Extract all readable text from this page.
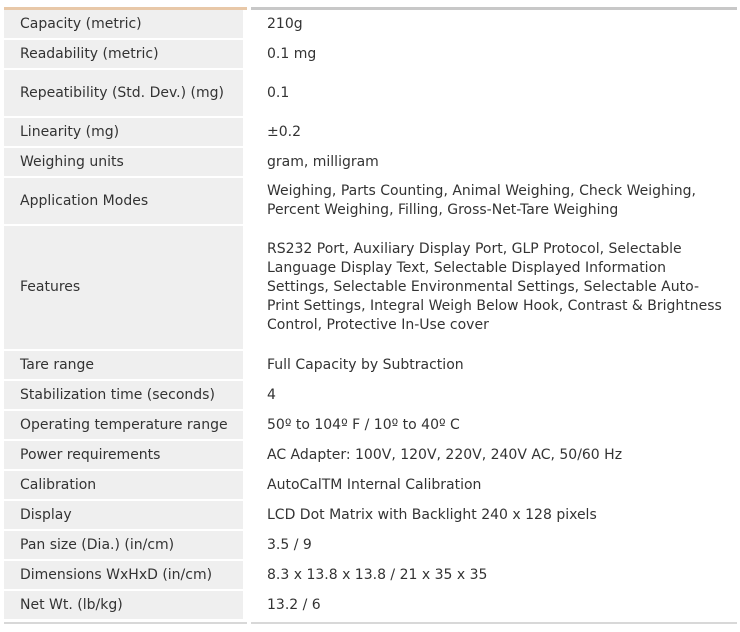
Capacity (metric)	210g
Readability (metric)	0.1 mg
Repeatibility (Std. Dev.) (mg)	0.1
Linearity (mg)	±0.2
Weighing units	gram, milligram
Application Modes	Weighing, Parts Counting, Animal Weighing, Check Weighing, Percent Weighing, Filling, Gross-Net-Tare Weighing
Features	RS232 Port, Auxiliary Display Port, GLP Protocol, Selectable Language Display Text, Selectable Displayed Information Settings, Selectable Environmental Settings, Selectable Auto-Print Settings, Integral Weigh Below Hook, Contrast & Brightness Control, Protective In-Use cover
Tare range	Full Capacity by Subtraction
Stabilization time (seconds)	4
Operating temperature range	50º to 104º F / 10º to 40º C
Power requirements	AC Adapter: 100V, 120V, 220V, 240V AC, 50/60 Hz
Calibration	AutoCalTM Internal Calibration
Display	LCD Dot Matrix with Backlight 240 x 128 pixels
Pan size (Dia.) (in/cm)	3.5 / 9
Dimensions WxHxD (in/cm)	8.3 x 13.8 x 13.8 / 21 x 35 x 35
Net Wt. (lb/kg)	13.2 / 6
